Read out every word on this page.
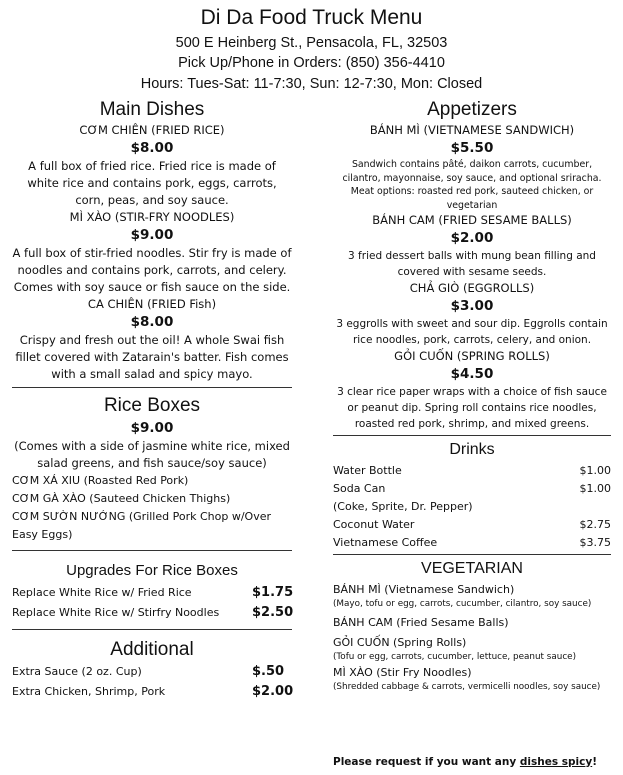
Di Da Food Truck Menu
500 E Heinberg St., Pensacola, FL, 32503
Pick Up/Phone in Orders: (850) 356-4410
Hours: Tues-Sat: 11-7:30, Sun: 12-7:30, Mon: Closed
Main Dishes
CƠM CHIÊN (FRIED RICE)
$8.00
A full box of fried rice. Fried rice is made of white rice and contains pork, eggs, carrots, corn, peas, and soy sauce.
MÌ XÀO (STIR-FRY NOODLES)
$9.00
A full box of stir-fried noodles. Stir fry is made of noodles and contains pork, carrots, and celery. Comes with soy sauce or fish sauce on the side.
CA CHIÊN (FRIED Fish)
$8.00
Crispy and fresh out the oil! A whole Swai fish fillet covered with Zatarain's batter. Fish comes with a small salad and spicy mayo.
Rice Boxes
$9.00
(Comes with a side of jasmine white rice, mixed salad greens, and fish sauce/soy sauce)
CƠM XÁ XIU (Roasted Red Pork)
CƠM GÀ XÀO (Sauteed Chicken Thighs)
CƠM SƯỜN NƯỚNG (Grilled Pork Chop w/Over Easy Eggs)
Upgrades For Rice Boxes
Replace White Rice w/ Fried Rice	$1.75
Replace White Rice w/ Stirfry Noodles	$2.50
Additional
Extra Sauce (2 oz. Cup)	$.50
Extra Chicken, Shrimp, Pork	$2.00
Appetizers
BÁNH MÌ (VIETNAMESE SANDWICH)
$5.50
Sandwich contains pâté, daikon carrots, cucumber, cilantro, mayonnaise, soy sauce, and optional sriracha. Meat options: roasted red pork, sauteed chicken, or vegetarian
BÁNH CAM (FRIED SESAME BALLS)
$2.00
3 fried dessert balls with mung bean filling and covered with sesame seeds.
CHẢ GIÒ (EGGROLLS)
$3.00
3 eggrolls with sweet and sour dip. Eggrolls contain rice noodles, pork, carrots, celery, and onion.
GỎI CUỐN (SPRING ROLLS)
$4.50
3 clear rice paper wraps with a choice of fish sauce or peanut dip. Spring roll contains rice noodles, roasted red pork, shrimp, and mixed greens.
Drinks
Water Bottle	$1.00
Soda Can	$1.00
(Coke, Sprite, Dr. Pepper)
Coconut Water	$2.75
Vietnamese Coffee	$3.75
VEGETARIAN
BÁNH MÌ (Vietnamese Sandwich)
(Mayo, tofu or egg, carrots, cucumber, cilantro, soy sauce)
BÁNH CAM (Fried Sesame Balls)
GỎI CUỐN (Spring Rolls)
(Tofu or egg, carrots, cucumber, lettuce, peanut sauce)
MÌ XÀO (Stir Fry Noodles)
(Shredded cabbage & carrots, vermicelli noodles, soy sauce)
Please request if you want any dishes spicy!
